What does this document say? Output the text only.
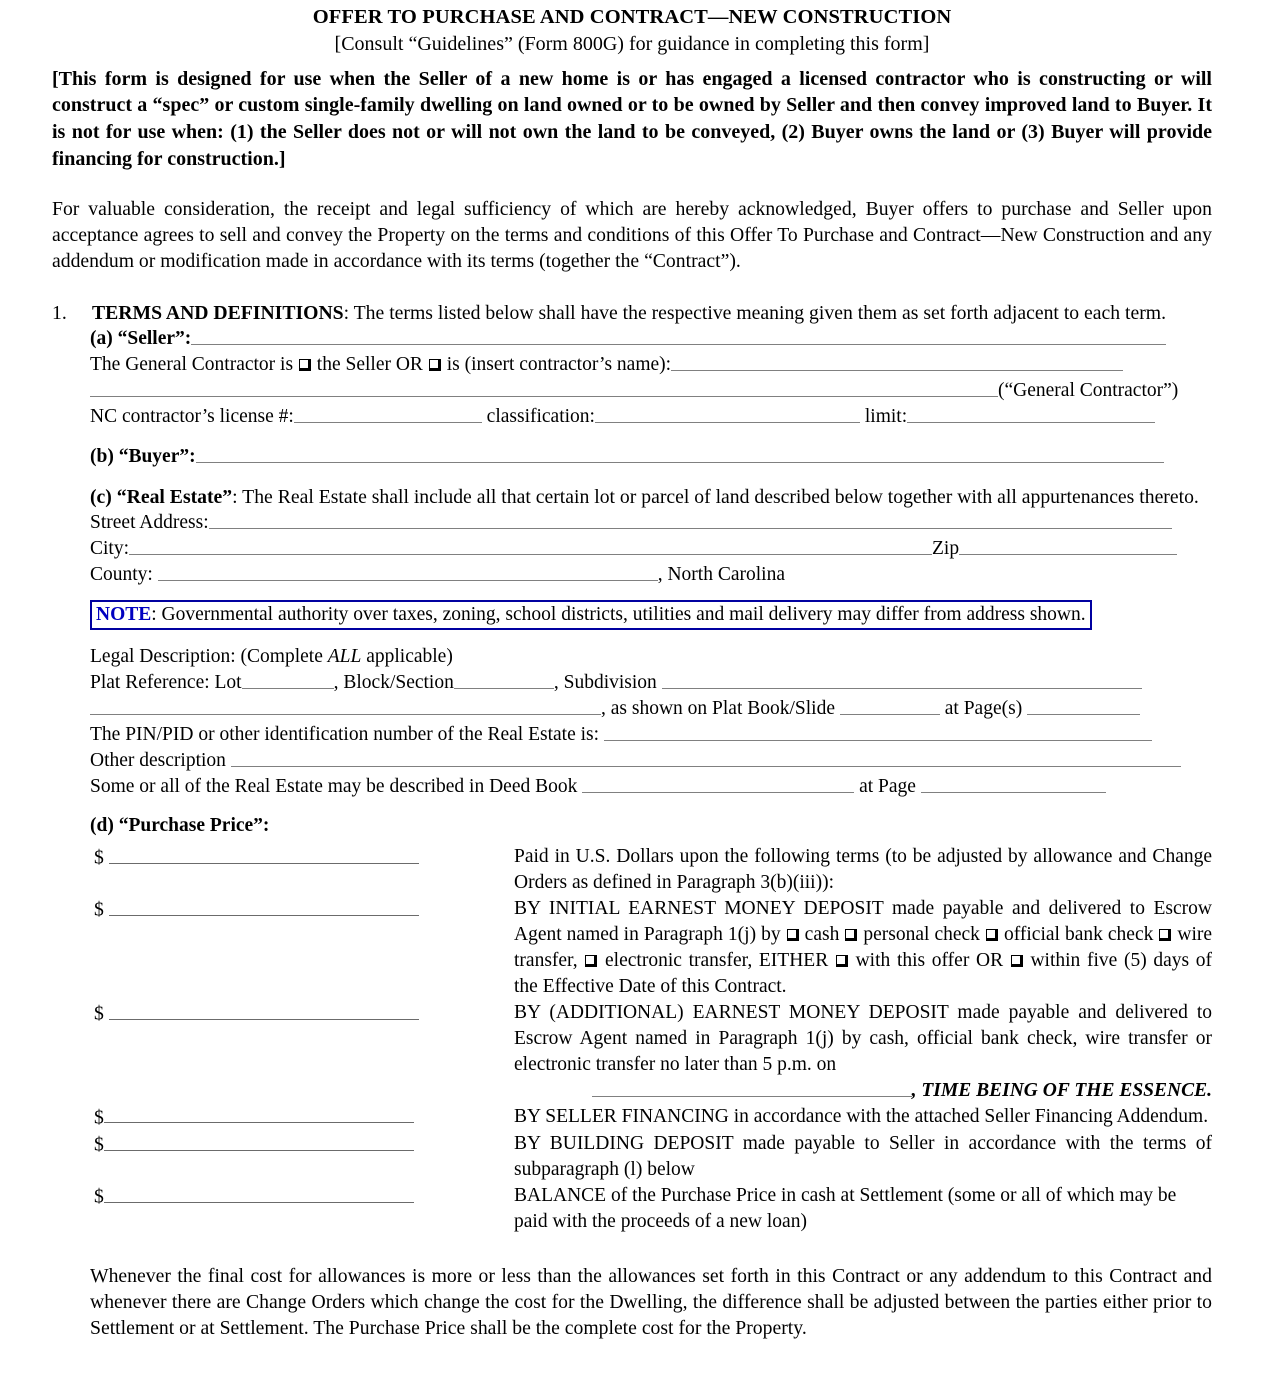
OFFER TO PURCHASE AND CONTRACT—NEW CONSTRUCTION
[Consult “Guidelines” (Form 800G) for guidance in completing this form]
[This form is designed for use when the Seller of a new home is or has engaged a licensed contractor who is constructing or will construct a “spec” or custom single-family dwelling on land owned or to be owned by Seller and then convey improved land to Buyer. It is not for use when: (1) the Seller does not or will not own the land to be conveyed, (2) Buyer owns the land or (3) Buyer will provide financing for construction.]
For valuable consideration, the receipt and legal sufficiency of which are hereby acknowledged, Buyer offers to purchase and Seller upon acceptance agrees to sell and convey the Property on the terms and conditions of this Offer To Purchase and Contract—New Construction and any addendum or modification made in accordance with its terms (together the “Contract”).
1. TERMS AND DEFINITIONS: The terms listed below shall have the respective meaning given them as set forth adjacent to each term.
(a) “Seller”:
The General Contractor is the Seller OR is (insert contractor’s name):
(“General Contractor”)
NC contractor’s license #:	classification:	limit:
(b) “Buyer”:
(c) “Real Estate”: The Real Estate shall include all that certain lot or parcel of land described below together with all appurtenances thereto.
Street Address:
City:	Zip
County:	, North Carolina
NOTE: Governmental authority over taxes, zoning, school districts, utilities and mail delivery may differ from address shown.
Legal Description: (Complete ALL applicable)
Plat Reference: Lot	, Block/Section	, Subdivision
, as shown on Plat Book/Slide	at Page(s)
The PIN/PID or other identification number of the Real Estate is:
Other description
Some or all of the Real Estate may be described in Deed Book	at Page
(d) “Purchase Price”:
$	Paid in U.S. Dollars upon the following terms (to be adjusted by allowance and Change Orders as defined in Paragraph 3(b)(iii)):
$	BY INITIAL EARNEST MONEY DEPOSIT made payable and delivered to Escrow Agent named in Paragraph 1(j) by cash personal check official bank check wire transfer, electronic transfer, EITHER with this offer OR within five (5) days of the Effective Date of this Contract.
$	BY (ADDITIONAL) EARNEST MONEY DEPOSIT made payable and delivered to Escrow Agent named in Paragraph 1(j) by cash, official bank check, wire transfer or electronic transfer no later than 5 p.m. on
, TIME BEING OF THE ESSENCE.

$	BY SELLER FINANCING in accordance with the attached Seller Financing Addendum.
$	BY BUILDING DEPOSIT made payable to Seller in accordance with the terms of subparagraph (l) below
$	BALANCE of the Purchase Price in cash at Settlement (some or all of which may be paid with the proceeds of a new loan)
Whenever the final cost for allowances is more or less than the allowances set forth in this Contract or any addendum to this Contract and whenever there are Change Orders which change the cost for the Dwelling, the difference shall be adjusted between the parties either prior to Settlement or at Settlement. The Purchase Price shall be the complete cost for the Property.
